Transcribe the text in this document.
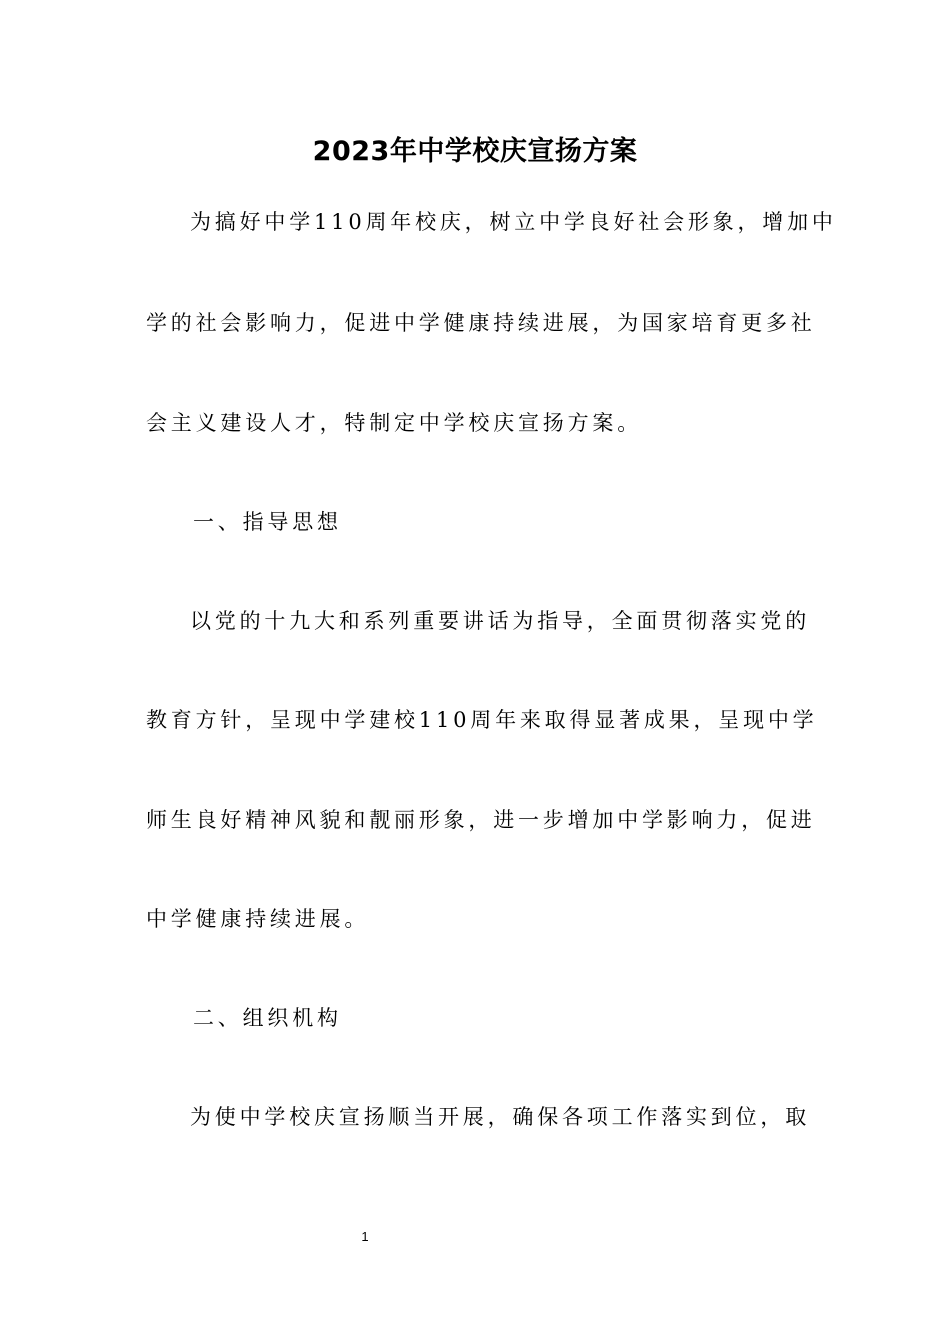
2023年中学校庆宣扬方案
为搞好中学110周年校庆，树立中学良好社会形象，增加中
学的社会影响力，促进中学健康持续进展，为国家培育更多社
会主义建设人才，特制定中学校庆宣扬方案。
一、指导思想
以党的十九大和系列重要讲话为指导，全面贯彻落实党的
教育方针，呈现中学建校110周年来取得显著成果，呈现中学
师生良好精神风貌和靓丽形象，进一步增加中学影响力，促进
中学健康持续进展。
二、组织机构
为使中学校庆宣扬顺当开展，确保各项工作落实到位，取
1
